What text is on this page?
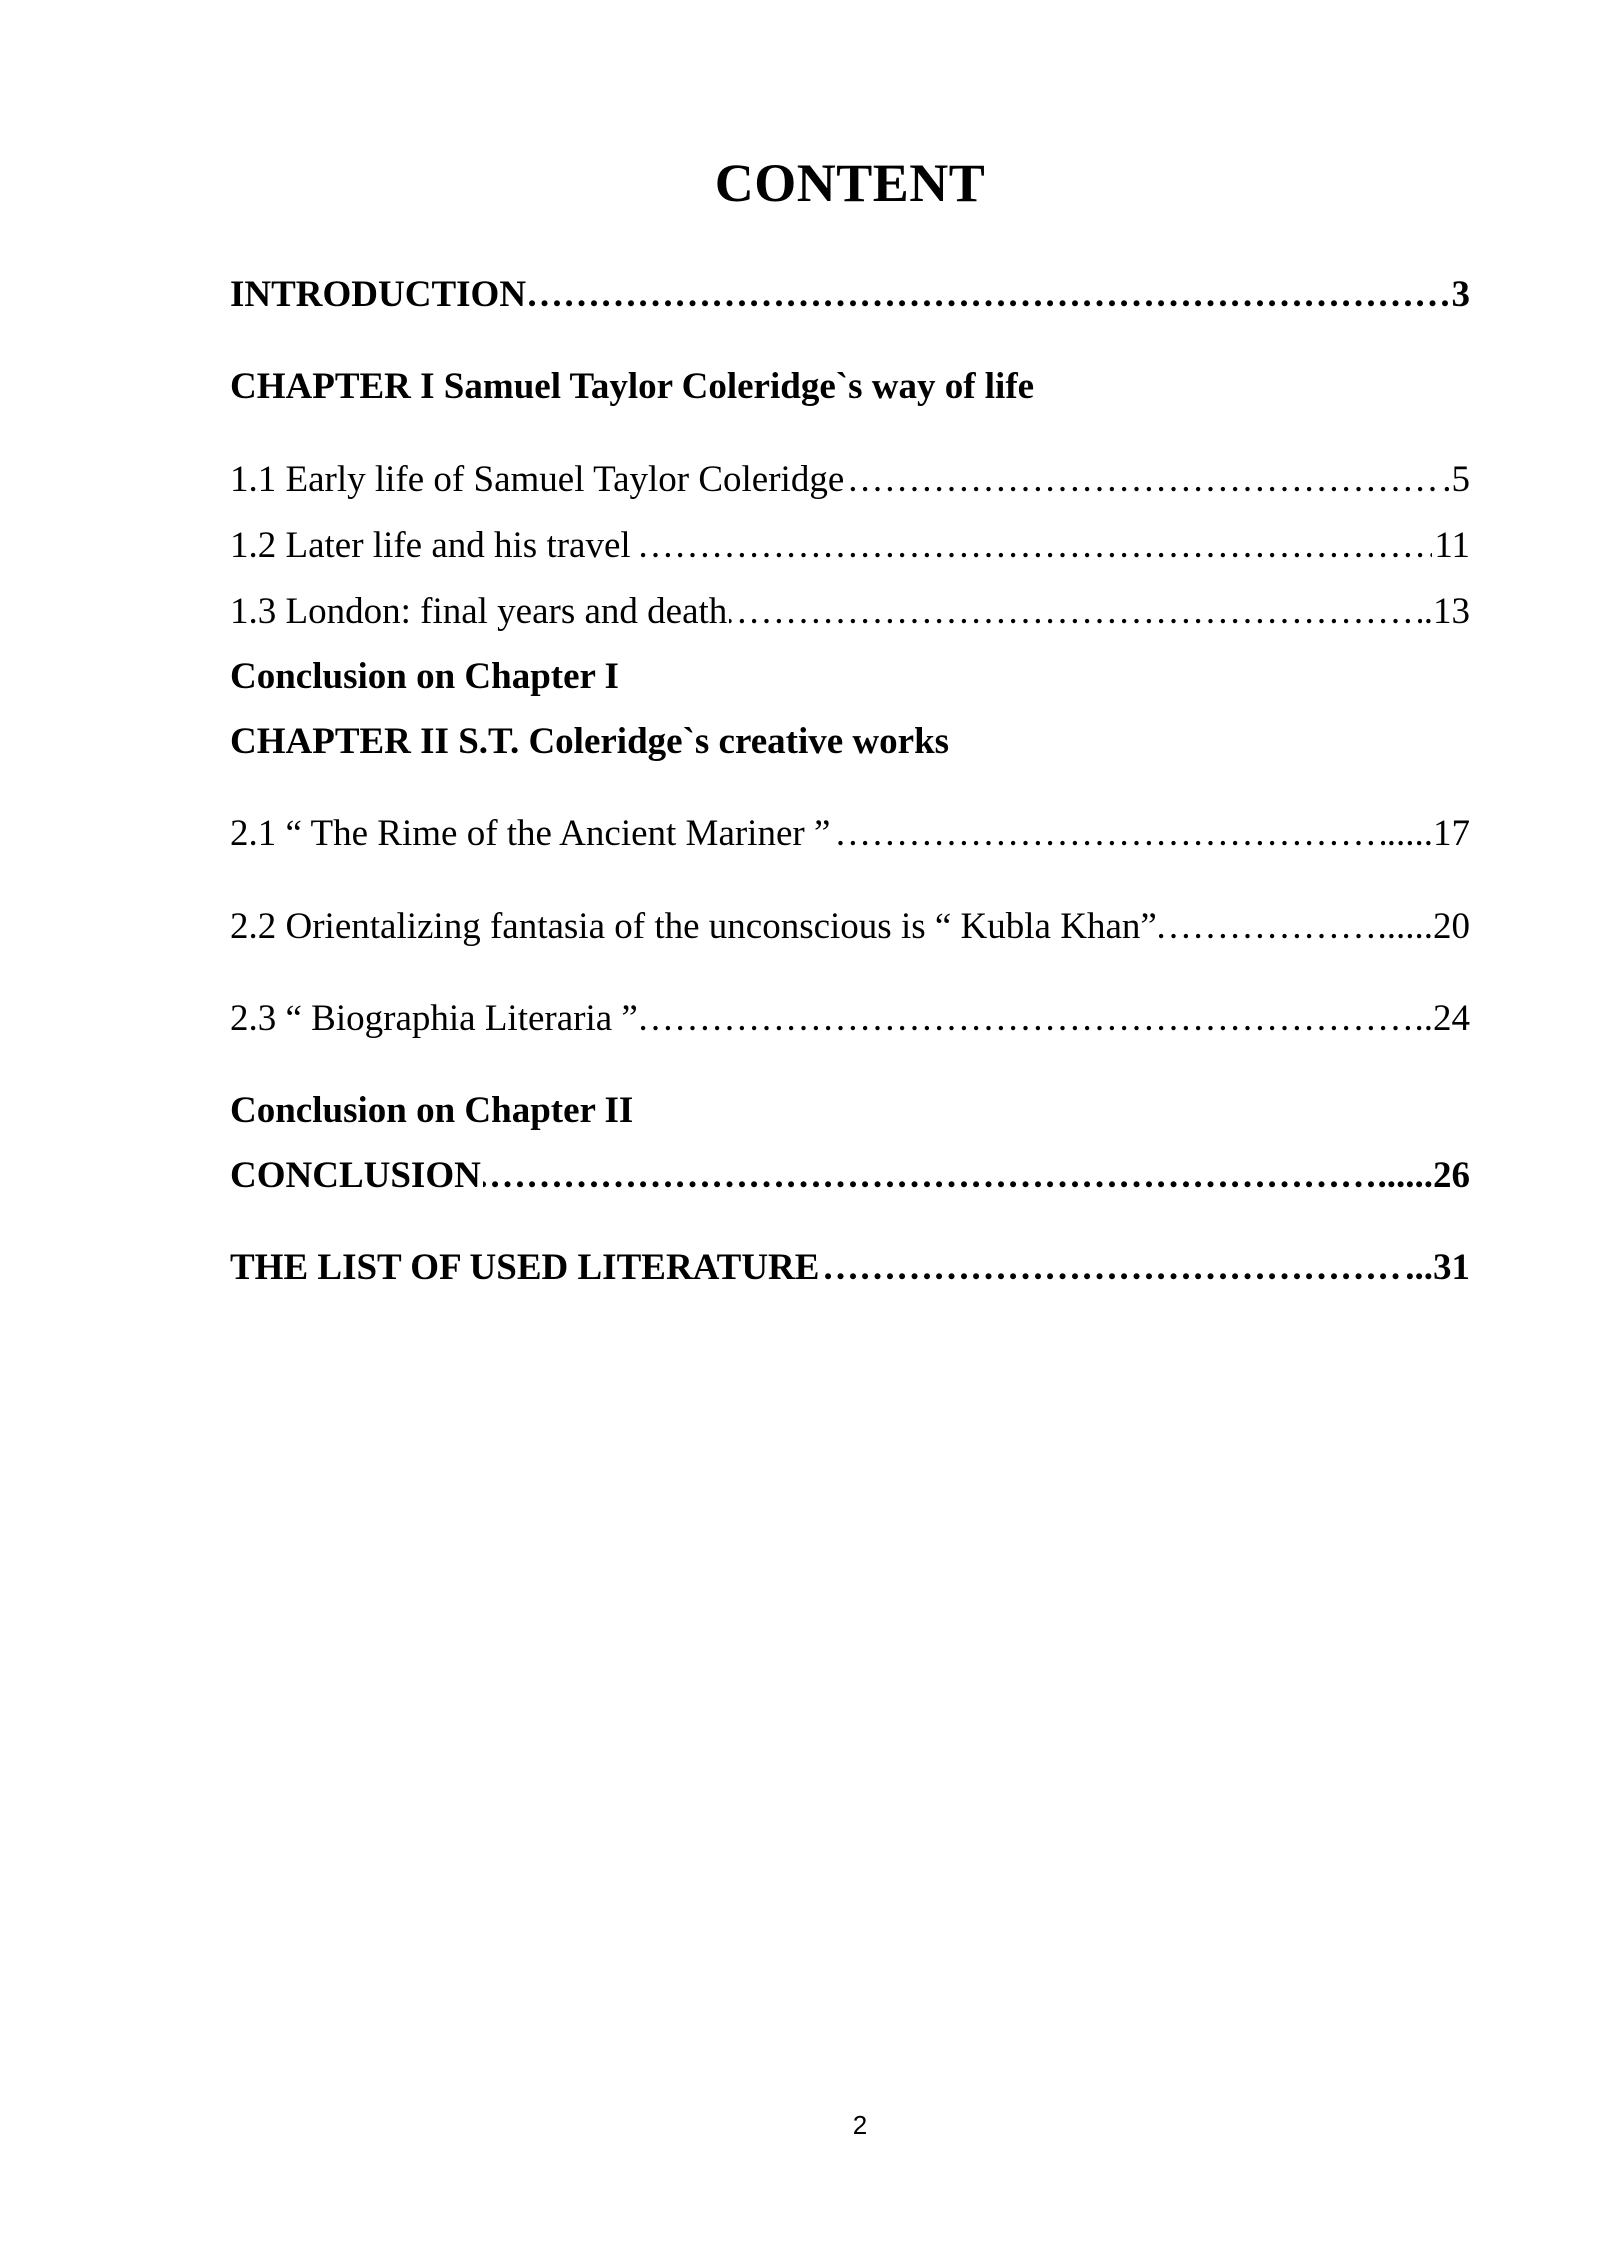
CONTENT
………………………………………………………………………………………………………………………………………………………………………… INTRODUCTION	3
CHAPTER I Samuel Taylor Coleridge`s way of life
………………………………………………………………………………………………………………………………………………………………………… 1.1 Early life of Samuel Taylor Coleridge	.5
………………………………………………………………………………………………………………………………………………………………………… 1.2 Later life and his travel	11
………………………………………………………………………………………………………………………………………………………………………… 1.3 London: final years and death	.13
Conclusion on Chapter I
CHAPTER II S.T. Coleridge`s creative works
………………………………………………………………………………………………………………………………………………………………………… 2.1 “ The Rime of the Ancient Mariner ”	.....17
………………………………………………………………………………………………………………………………………………………………………… 2.2 Orientalizing fantasia of the unconscious is “ Kubla Khan”	......20
………………………………………………………………………………………………………………………………………………………………………… 2.3 “ Biographia Literaria ”	..24
Conclusion on Chapter II
………………………………………………………………………………………………………………………………………………………………………… CONCLUSION	......26
………………………………………………………………………………………………………………………………………………………………………… THE LIST OF USED LITERATURE	...31
2
